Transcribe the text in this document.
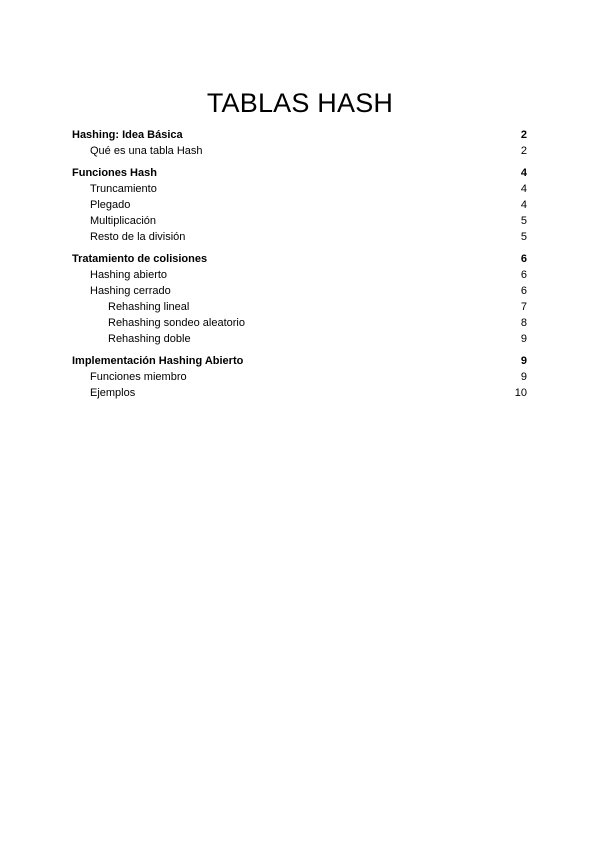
TABLAS HASH
Hashing: Idea Básica	2
Qué es una tabla Hash	2
Funciones Hash	4
Truncamiento	4
Plegado	4
Multiplicación	5
Resto de la división	5
Tratamiento de colisiones	6
Hashing abierto	6
Hashing cerrado	6
Rehashing lineal	7
Rehashing sondeo aleatorio	8
Rehashing doble	9
Implementación Hashing Abierto	9
Funciones miembro	9
Ejemplos	10
